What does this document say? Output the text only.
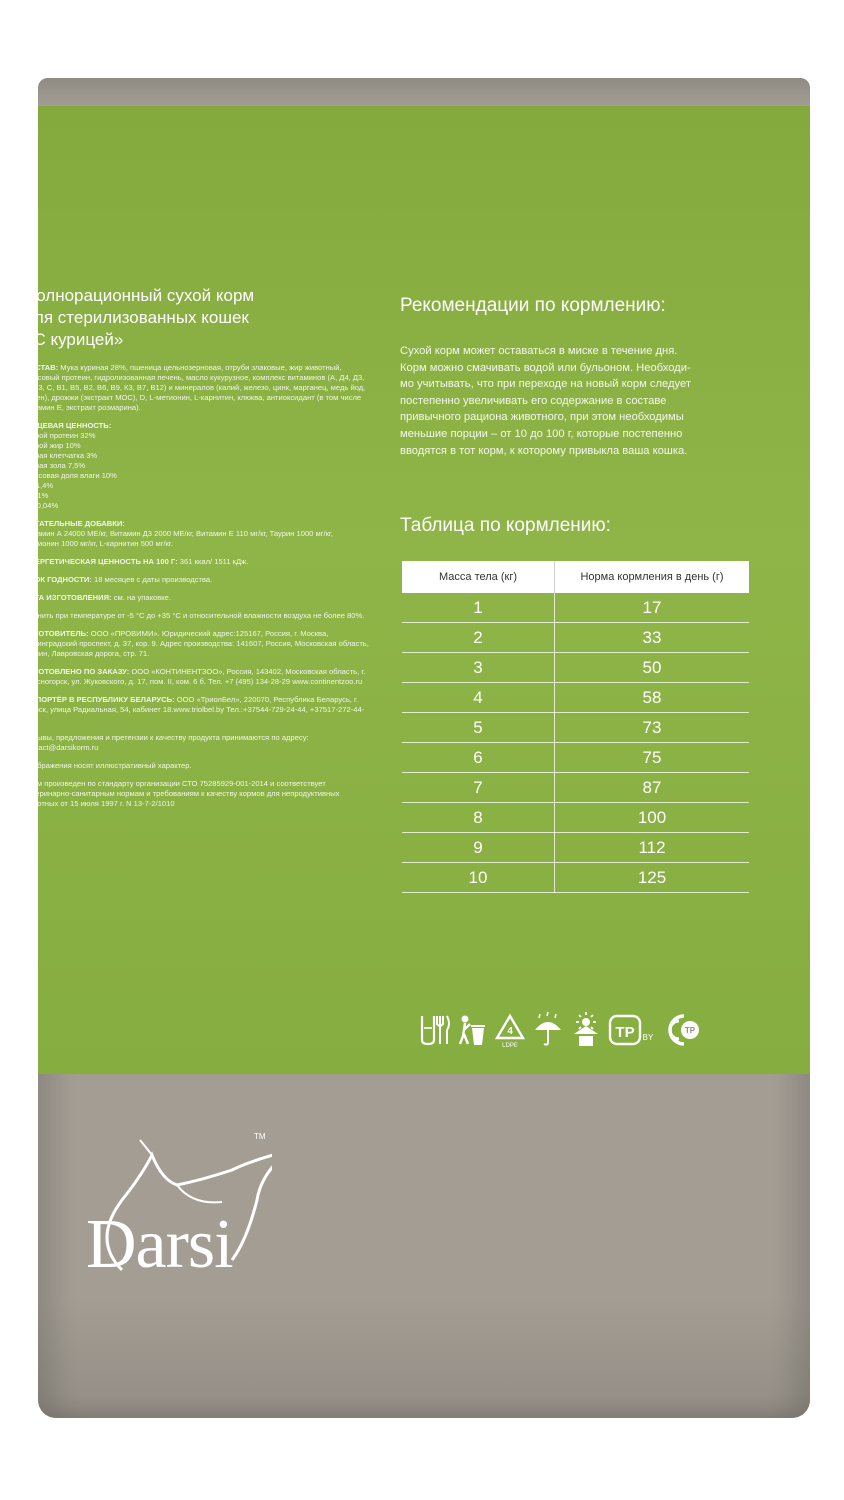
Полнорационный сухой корм
для стерилизованных кошек
«С курицей»

СОСТАВ: Мука куриная 28%, пшеница цельнозерновая, отруби злаковые, жир животный, маисовый протеин, гидролизованная печень, масло кукурузное, комплекс витаминов (А, Д4, Д3, Е, В3, С, В1, В5, В2, В6, В9, К3, В7, В12) и минералов (калий, железо, цинк, марганец, медь йод, селен), дрожжи (экстракт МОС), D, L-метионин, L-карнитин, клюква, антиоксидант (в том числе Витамин Е, экстракт розмарина).

ПИЩЕВАЯ ЦЕННОСТЬ:
Сырой протеин 32%
Сырой жир 10%
Сырая клетчатка 3%
Сырая зола 7,5%
Массовая доля влаги 10%
Ca 1,4%
P 1,1%
Mg 0,04%

ПИТАТЕЛЬНЫЕ ДОБАВКИ:
Витамин А 24000 МЕ/кг, Витамин Д3 2000 МЕ/кг, Витамин Е 110 мг/кг, Таурин 1000 мг/кг, Метионин 1000 мг/кг, L-карнитин 500 мг/кг.

ЭНЕРГЕТИЧЕСКАЯ ЦЕННОСТЬ НА 100 Г: 361 ккал/ 1511 кДж.

СРОК ГОДНОСТИ: 18 месяцев с даты производства.

ДАТА ИЗГОТОВЛЕНИЯ: см. на упаковке.

Хранить при температуре от -5 °С до +35 °С и относительной влажности воздуха не более 80%.

ИЗГОТОВИТЕЛЬ: ООО «ПРОВИМИ». Юридический адрес:125167, Россия, г. Москва, Ленинградский проспект, д. 37, кор. 9. Адрес производства: 141607, Россия, Московская область, г. Клин, Лавровская дорога, стр. 71.

ИЗГОТОВЛЕНО ПО ЗАКАЗУ: ООО «КОНТИНЕНТЗОО», Россия, 143402, Московская область, г. Красногорск, ул. Жуковского, д. 17, пом. II, ком. 6 б. Тел. +7 (495) 134-28-29 www.continentzoo.ru

ИМПОРТЁР В РЕСПУБЛИКУ БЕЛАРУСЬ: ООО «ТриолБел», 220070, Республика Беларусь, г. Минск, улица Радиальная, 54, кабинет 18.www.triolbel.by Тел.:+37544-729-24-44, +37517-272-44-47

Отзывы, предложения и претензии к качеству продукта принимаются по адресу: contact@darsikorm.ru

Изображения носят иллюстративный характер.

Корм произведен по стандарту организации СТО 75285929-001-2014 и соответствует ветеринарно-санитарным нормам и требованиям к качеству кормов для непродуктивных животных от 15 июля 1997 г. N 13-7-2/1010

Рекомендации по кормлению:

Сухой корм может оставаться в миске в течение дня.
Корм можно смачивать водой или бульоном. Необходи-
мо учитывать, что при переходе на новый корм следует
постепенно увеличивать его содержание в составе
привычного рациона животного, при этом необходимы
меньшие порции – от 10 до 100 г, которые постепенно
вводятся в тот корм, к которому привыкла ваша кошка.

Таблица по кормлению:
Масса тела (кг)	Норма кормления в день (г)
1	17
2	33
3	50
4	58
5	73
6	75
7	87
8	100
9	112
10	125
4
LDPE
TP BY
ТР
TM
Darsi
